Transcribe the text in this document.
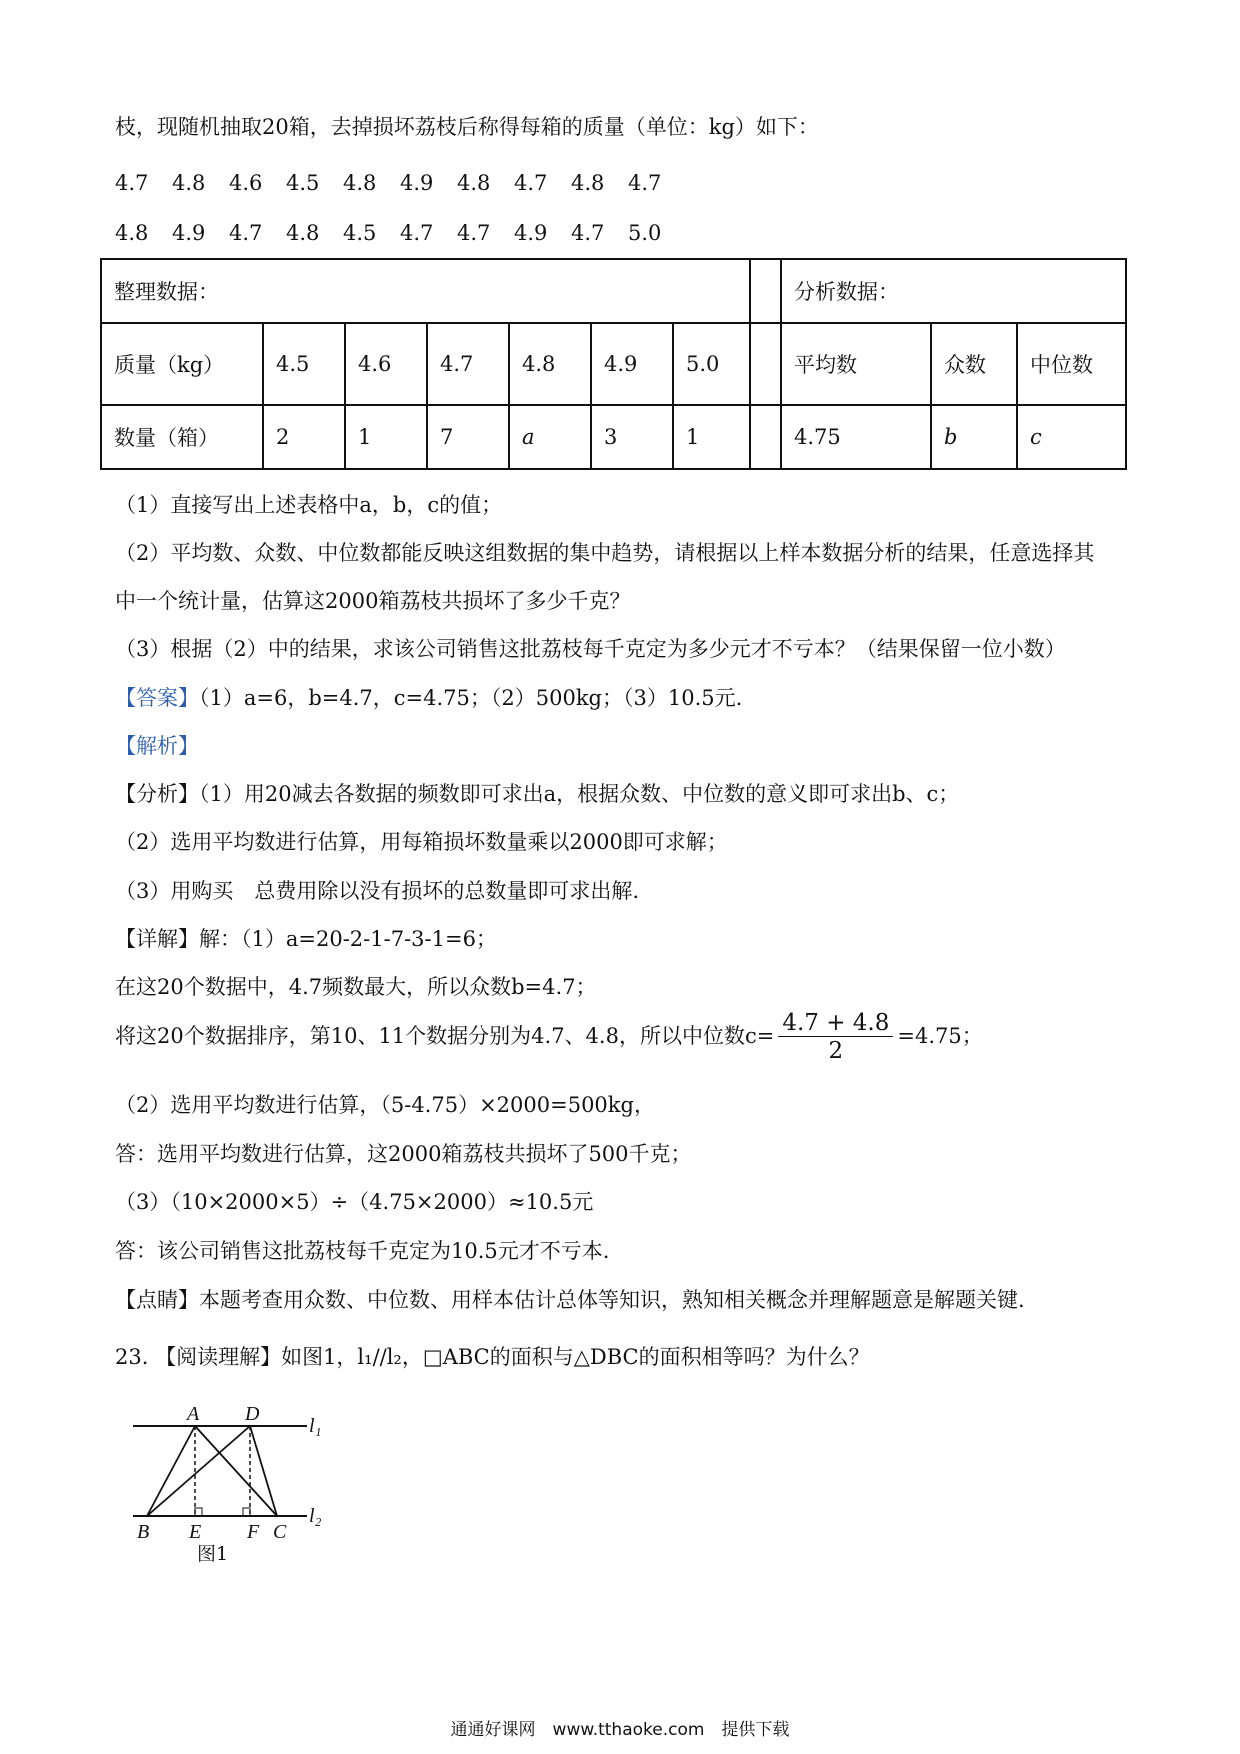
枝，现随机抽取20箱，去掉损坏荔枝后称得每箱的质量（单位：kg）如下：
4.7 4.8 4.6 4.5 4.8 4.9 4.8 4.7 4.8 4.7
4.8 4.9 4.7 4.8 4.5 4.7 4.7 4.9 4.7 5.0
整理数据：								分析数据：		
质量（kg）	4.5	4.6	4.7	4.8	4.9	5.0		平均数	众数	中位数
数量（箱）	2	1	7	a	3	1		4.75	b	c
（1）直接写出上述表格中a，b，c的值；
（2）平均数、众数、中位数都能反映这组数据的集中趋势，请根据以上样本数据分析的结果，任意选择其
中一个统计量，估算这2000箱荔枝共损坏了多少千克？
（3）根据（2）中的结果，求该公司销售这批荔枝每千克定为多少元才不亏本？（结果保留一位小数）
【答案】（1）a=6，b=4.7，c=4.75；（2）500kg；（3）10.5元.
【解析】
【分析】（1）用20减去各数据的频数即可求出a，根据众数、中位数的意义即可求出b、c；
（2）选用平均数进行估算，用每箱损坏数量乘以2000即可求解；
（3）用购买　总费用除以没有损坏的总数量即可求出解.
【详解】解：（1）a=20-2-1-7-3-1=6；
在这20个数据中，4.7频数最大，所以众数b=4.7；
将这20个数据排序，第10、11个数据分别为4.7、4.8，所以中位数$c= \frac{4.7 + 4.8}{2} =4.75$；
（2）选用平均数进行估算，（5-4.75）×2000=500kg，
答：选用平均数进行估算，这2000箱荔枝共损坏了500千克；
（3）（10×2000×5）÷（4.75×2000）≈10.5元
答：该公司销售这批荔枝每千克定为10.5元才不亏本.
【点睛】本题考查用众数、中位数、用样本估计总体等知识，熟知相关概念并理解题意是解题关键.
23. 【阅读理解】如图1，l₁//l₂，□ABC的面积与△DBC的面积相等吗？为什么？
A D
l₁
B E F C
l₂
图1
通通好课网　www.tthaoke.com　提供下载
